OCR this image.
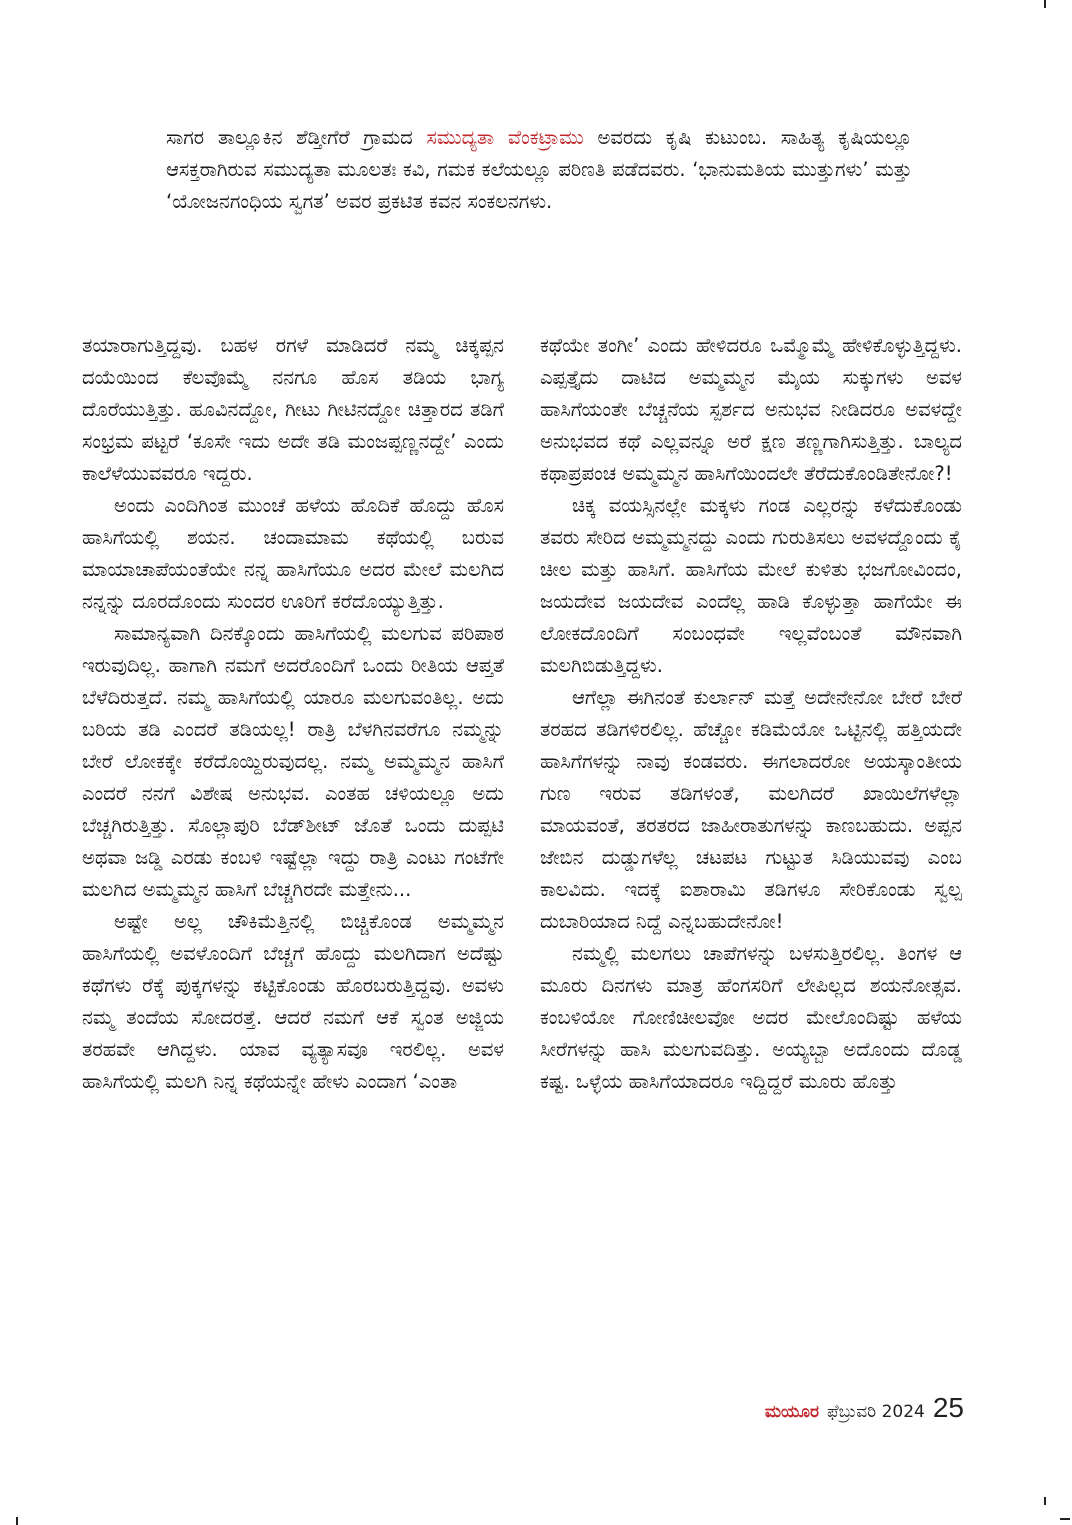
ಸಾಗರ ತಾಲ್ಲೂಕಿನ ಶೆಡ್ತೀಗೆರೆ ಗ್ರಾಮದ ಸಮುದ್ಯತಾ ವೆಂಕಟ್ರಾಮು ಅವರದು ಕೃಷಿ ಕುಟುಂಬ. ಸಾಹಿತ್ಯ ಕೃಷಿಯಲ್ಲೂ ಆಸಕ್ತರಾಗಿರುವ ಸಮುದ್ಯತಾ ಮೂಲತಃ ಕವಿ, ಗಮಕ ಕಲೆಯಲ್ಲೂ ಪರಿಣತಿ ಪಡೆದವರು. ‘ಭಾನುಮತಿಯ ಮುತ್ತುಗಳು’ ಮತ್ತು ‘ಯೋಜನಗಂಧಿಯ ಸ್ವಗತ’ ಅವರ ಪ್ರಕಟಿತ ಕವನ ಸಂಕಲನಗಳು.

ತಯಾರಾಗುತ್ತಿದ್ದವು. ಬಹಳ ರಗಳೆ ಮಾಡಿದರೆ ನಮ್ಮ ಚಿಕ್ಕಪ್ಪನ ದಯೆಯಿಂದ ಕೆಲವೊಮ್ಮೆ ನನಗೂ ಹೊಸ ತಡಿಯ ಭಾಗ್ಯ ದೊರೆಯುತ್ತಿತ್ತು. ಹೂವಿನದ್ದೋ, ಗೀಟು ಗೀಟಿನದ್ದೋ ಚಿತ್ತಾರದ ತಡಿಗೆ ಸಂಭ್ರಮ ಪಟ್ಟರೆ ‘ಕೂಸೇ ಇದು ಅದೇ ತಡಿ ಮಂಜಪ್ಪಣ್ಣನದ್ದೇ’ ಎಂದು ಕಾಲೆಳೆಯುವವರೂ ಇದ್ದರು.

ಅಂದು ಎಂದಿಗಿಂತ ಮುಂಚೆ ಹಳೆಯ ಹೊದಿಕೆ ಹೊದ್ದು ಹೊಸ ಹಾಸಿಗೆಯಲ್ಲಿ ಶಯನ. ಚಂದಾಮಾಮ ಕಥೆಯಲ್ಲಿ ಬರುವ ಮಾಯಾಚಾಪೆಯಂತೆಯೇ ನನ್ನ ಹಾಸಿಗೆಯೂ ಅದರ ಮೇಲೆ ಮಲಗಿದ ನನ್ನನ್ನು ದೂರದೊಂದು ಸುಂದರ ಊರಿಗೆ ಕರೆದೊಯ್ಯುತ್ತಿತ್ತು.

ಸಾಮಾನ್ಯವಾಗಿ ದಿನಕ್ಕೊಂದು ಹಾಸಿಗೆಯಲ್ಲಿ ಮಲಗುವ ಪರಿಪಾಠ ಇರುವುದಿಲ್ಲ. ಹಾಗಾಗಿ ನಮಗೆ ಅದರೊಂದಿಗೆ ಒಂದು ರೀತಿಯ ಆಪ್ತತೆ ಬೆಳೆದಿರುತ್ತದೆ. ನಮ್ಮ ಹಾಸಿಗೆಯಲ್ಲಿ ಯಾರೂ ಮಲಗುವಂತಿಲ್ಲ. ಅದು ಬರಿಯ ತಡಿ ಎಂದರೆ ತಡಿಯಲ್ಲ! ರಾತ್ರಿ ಬೆಳಗಿನವರೆಗೂ ನಮ್ಮನ್ನು ಬೇರೆ ಲೋಕಕ್ಕೇ ಕರೆದೊಯ್ದಿರುವುದಲ್ಲ. ನಮ್ಮ ಅಮ್ಮಮ್ಮನ ಹಾಸಿಗೆ ಎಂದರೆ ನನಗೆ ವಿಶೇಷ ಅನುಭವ. ಎಂತಹ ಚಳಿಯಲ್ಲೂ ಅದು ಬೆಚ್ಚಗಿರುತ್ತಿತ್ತು. ಸೊಲ್ಲಾಪುರಿ ಬೆಡ್‌ಶೀಟ್ ಜೊತೆ ಒಂದು ದುಪ್ಪಟಿ ಅಥವಾ ಜಡ್ಡಿ ಎರಡು ಕಂಬಳಿ ಇಷ್ಟೆಲ್ಲಾ ಇದ್ದು ರಾತ್ರಿ ಎಂಟು ಗಂಟೆಗೇ ಮಲಗಿದ ಅಮ್ಮಮ್ಮನ ಹಾಸಿಗೆ ಬೆಚ್ಚಗಿರದೇ ಮತ್ತೇನು...

ಅಷ್ಟೇ ಅಲ್ಲ ಚೌಕಿಮೆತ್ತಿನಲ್ಲಿ ಬಿಚ್ಚಿಕೊಂಡ ಅಮ್ಮಮ್ಮನ ಹಾಸಿಗೆಯಲ್ಲಿ ಅವಳೊಂದಿಗೆ ಬೆಚ್ಚಗೆ ಹೊದ್ದು ಮಲಗಿದಾಗ ಅದೆಷ್ಟು ಕಥೆಗಳು ರೆಕ್ಕೆ ಪುಕ್ಕಗಳನ್ನು ಕಟ್ಟಿಕೊಂಡು ಹೊರಬರುತ್ತಿದ್ದವು. ಅವಳು ನಮ್ಮ ತಂದೆಯ ಸೋದರತ್ತೆ. ಆದರೆ ನಮಗೆ ಆಕೆ ಸ್ವಂತ ಅಜ್ಜಿಯ ತರಹವೇ ಆಗಿದ್ದಳು. ಯಾವ ವ್ಯತ್ಯಾಸವೂ ಇರಲಿಲ್ಲ. ಅವಳ ಹಾಸಿಗೆಯಲ್ಲಿ ಮಲಗಿ ನಿನ್ನ ಕಥೆಯನ್ನೇ ಹೇಳು ಎಂದಾಗ ‘ಎಂತಾ

ಕಥೆಯೇ ತಂಗೀ’ ಎಂದು ಹೇಳಿದರೂ ಒಮ್ಮೊಮ್ಮೆ ಹೇಳಿಕೊಳ್ಳುತ್ತಿದ್ದಳು. ಎಪ್ಪತ್ತೈದು ದಾಟಿದ ಅಮ್ಮಮ್ಮನ ಮೈಯ ಸುಕ್ಕುಗಳು ಅವಳ ಹಾಸಿಗೆಯಂತೇ ಬೆಚ್ಚನೆಯ ಸ್ಪರ್ಶದ ಅನುಭವ ನೀಡಿದರೂ ಅವಳದ್ದೇ ಅನುಭವದ ಕಥೆ ಎಲ್ಲವನ್ನೂ ಅರೆ ಕ್ಷಣ ತಣ್ಣಗಾಗಿಸುತ್ತಿತ್ತು. ಬಾಲ್ಯದ ಕಥಾಪ್ರಪಂಚ ಅಮ್ಮಮ್ಮನ ಹಾಸಿಗೆಯಿಂದಲೇ ತೆರೆದುಕೊಂಡಿತೇನೋ?!

ಚಿಕ್ಕ ವಯಸ್ಸಿನಲ್ಲೇ ಮಕ್ಕಳು ಗಂಡ ಎಲ್ಲರನ್ನು ಕಳೆದುಕೊಂಡು ತವರು ಸೇರಿದ ಅಮ್ಮಮ್ಮನದ್ದು ಎಂದು ಗುರುತಿಸಲು ಅವಳದ್ದೊಂದು ಕೈ ಚೀಲ ಮತ್ತು ಹಾಸಿಗೆ. ಹಾಸಿಗೆಯ ಮೇಲೆ ಕುಳಿತು ಭಜಗೋವಿಂದಂ, ಜಯದೇವ ಜಯದೇವ ಎಂದೆಲ್ಲ ಹಾಡಿ ಕೊಳ್ಳುತ್ತಾ ಹಾಗೆಯೇ ಈ ಲೋಕದೊಂದಿಗೆ ಸಂಬಂಧವೇ ಇಲ್ಲವೆಂಬಂತೆ ಮೌನವಾಗಿ ಮಲಗಿಬಿಡುತ್ತಿದ್ದಳು.

ಆಗೆಲ್ಲಾ ಈಗಿನಂತೆ ಕುರ್ಲಾನ್ ಮತ್ತೆ ಅದೇನೇನೋ ಬೇರೆ ಬೇರೆ ತರಹದ ತಡಿಗಳಿರಲಿಲ್ಲ. ಹೆಚ್ಚೋ ಕಡಿಮೆಯೋ ಒಟ್ಟಿನಲ್ಲಿ ಹತ್ತಿಯದೇ ಹಾಸಿಗೆಗಳನ್ನು ನಾವು ಕಂಡವರು. ಈಗಲಾದರೋ ಅಯಸ್ಕಾಂತೀಯ ಗುಣ ಇರುವ ತಡಿಗಳಂತೆ, ಮಲಗಿದರೆ ಖಾಯಿಲೆಗಳೆಲ್ಲಾ ಮಾಯವಂತೆ, ತರತರದ ಜಾಹೀರಾತುಗಳನ್ನು ಕಾಣಬಹುದು. ಅಪ್ಪನ ಜೇಬಿನ ದುಡ್ಡುಗಳೆಲ್ಲ ಚಟಪಟ ಗುಟ್ಟುತ ಸಿಡಿಯುವವು ಎಂಬ ಕಾಲವಿದು. ಇದಕ್ಕೆ ಐಶಾರಾಮಿ ತಡಿಗಳೂ ಸೇರಿಕೊಂಡು ಸ್ವಲ್ಪ ದುಬಾರಿಯಾದ ನಿದ್ದೆ ಎನ್ನಬಹುದೇನೋ!

ನಮ್ಮಲ್ಲಿ ಮಲಗಲು ಚಾಪೆಗಳನ್ನು ಬಳಸುತ್ತಿರಲಿಲ್ಲ. ತಿಂಗಳ ಆ ಮೂರು ದಿನಗಳು ಮಾತ್ರ ಹೆಂಗಸರಿಗೆ ಲೇಪಿಲ್ಲದ ಶಯನೋತ್ಸವ. ಕಂಬಳಿಯೋ ಗೋಣಿಚೀಲವೋ ಅದರ ಮೇಲೊಂದಿಷ್ಟು ಹಳೆಯ ಸೀರೆಗಳನ್ನು ಹಾಸಿ ಮಲಗುವದಿತ್ತು. ಅಯ್ಯಬ್ಬಾ ಅದೊಂದು ದೊಡ್ಡ ಕಷ್ಟ. ಒಳ್ಳೆಯ ಹಾಸಿಗೆಯಾದರೂ ಇದ್ದಿದ್ದರೆ ಮೂರು ಹೊತ್ತು

ಮಯೂರ ಫೆಬ್ರುವರಿ 2024 25
